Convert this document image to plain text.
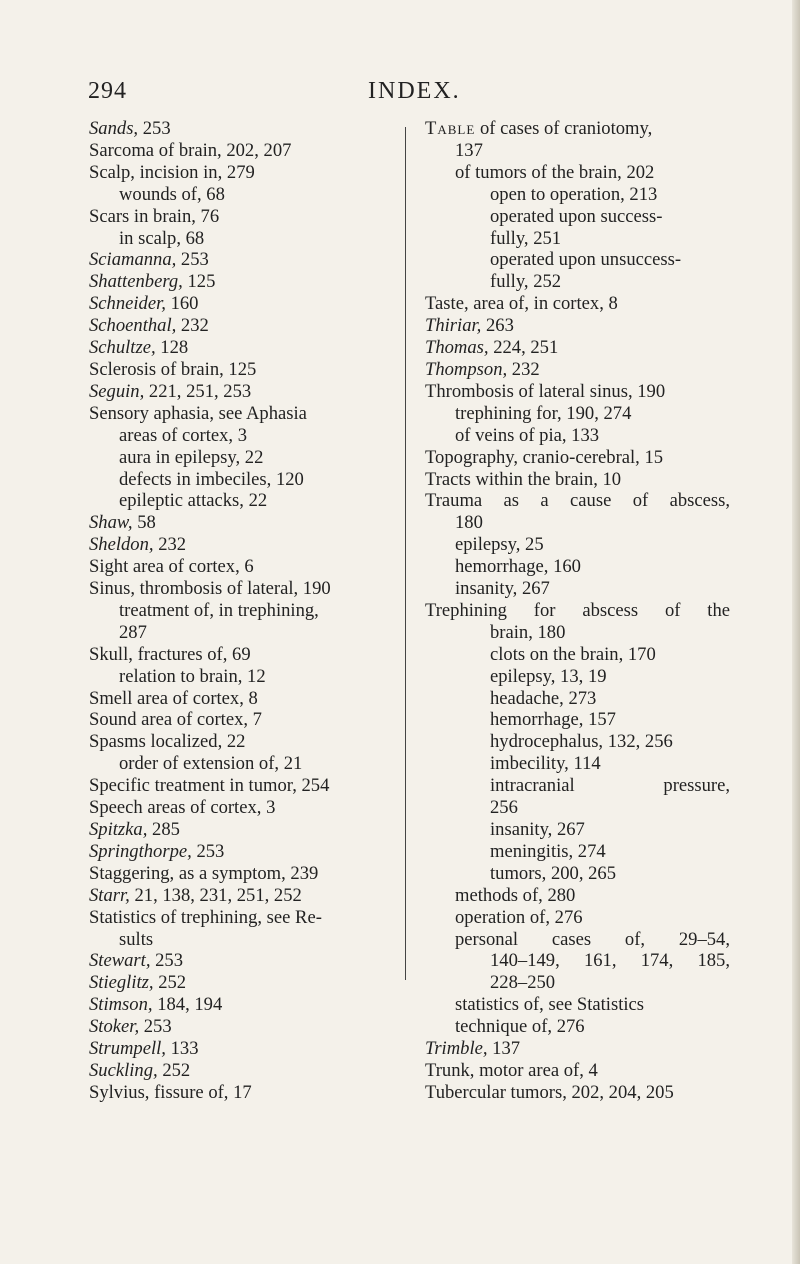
294	INDEX.
Sands, 253
Sarcoma of brain, 202, 207
Scalp, incision in, 279
wounds of, 68
Scars in brain, 76
in scalp, 68
Sciamanna, 253
Shattenberg, 125
Schneider, 160
Schoenthal, 232
Schultze, 128
Sclerosis of brain, 125
Seguin, 221, 251, 253
Sensory aphasia, see Aphasia
areas of cortex, 3
aura in epilepsy, 22
defects in imbeciles, 120
epileptic attacks, 22
Shaw, 58
Sheldon, 232
Sight area of cortex, 6
Sinus, thrombosis of lateral, 190
treatment of, in trephining,
287
Skull, fractures of, 69
relation to brain, 12
Smell area of cortex, 8
Sound area of cortex, 7
Spasms localized, 22
order of extension of, 21
Specific treatment in tumor, 254
Speech areas of cortex, 3
Spitzka, 285
Springthorpe, 253
Staggering, as a symptom, 239
Starr, 21, 138, 231, 251, 252
Statistics of trephining, see Re-
sults
Stewart, 253
Stieglitz, 252
Stimson, 184, 194
Stoker, 253
Strumpell, 133
Suckling, 252
Sylvius, fissure of, 17
Table of cases of craniotomy,
137
of tumors of the brain, 202
open to operation, 213
operated upon success-
fully, 251
operated upon unsuccess-
fully, 252
Taste, area of, in cortex, 8
Thiriar, 263
Thomas, 224, 251
Thompson, 232
Thrombosis of lateral sinus, 190
trephining for, 190, 274
of veins of pia, 133
Topography, cranio-cerebral, 15
Tracts within the brain, 10
Trauma as a cause of abscess,
180
epilepsy, 25
hemorrhage, 160
insanity, 267
Trephining for abscess of the
brain, 180
clots on the brain, 170
epilepsy, 13, 19
headache, 273
hemorrhage, 157
hydrocephalus, 132, 256
imbecility, 114
intracranial pressure,
256
insanity, 267
meningitis, 274
tumors, 200, 265
methods of, 280
operation of, 276
personal cases of, 29–54,
140–149, 161, 174, 185,
228–250
statistics of, see Statistics
technique of, 276
Trimble, 137
Trunk, motor area of, 4
Tubercular tumors, 202, 204, 205
